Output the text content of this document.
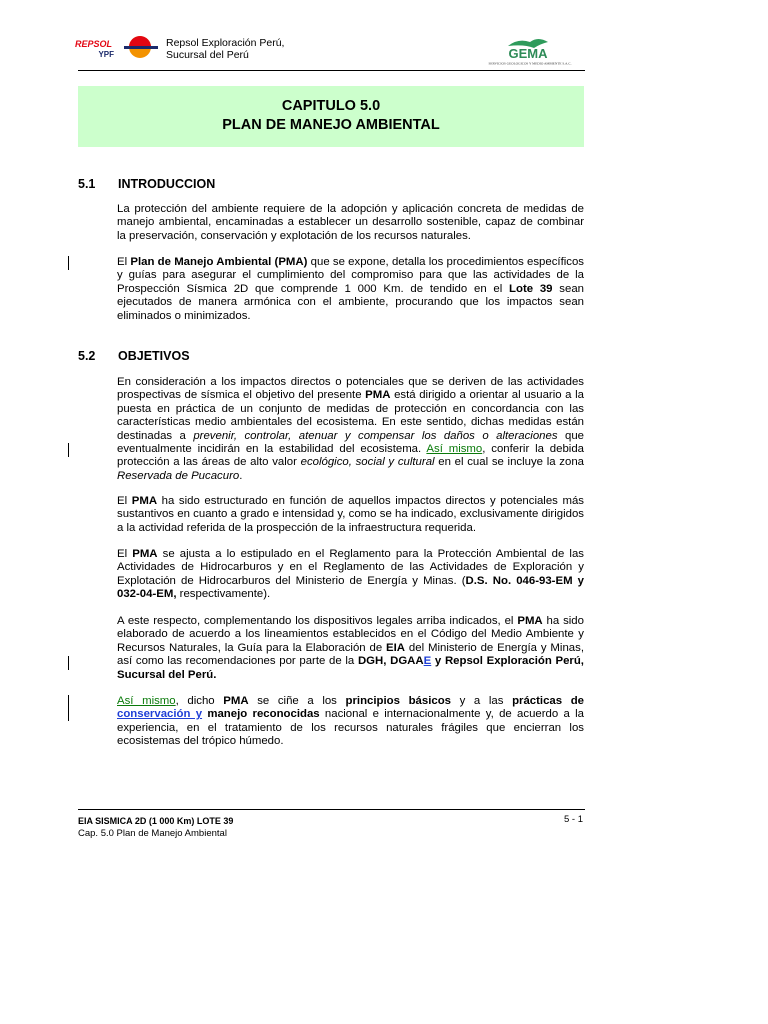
REPSOL
YPF
Repsol Exploración Perú,
Sucursal del Perú	GEMA
SERVICIOS GEOLOGICOS Y MEDIO AMBIENTE S.A.C.
CAPITULO 5.0
PLAN DE MANEJO AMBIENTAL
5.1 INTRODUCCION

La protección del ambiente requiere de la adopción y aplicación concreta de medidas de manejo ambiental, encaminadas a establecer un desarrollo sostenible, capaz de combinar la preservación, conservación y explotación de los recursos naturales.

El Plan de Manejo Ambiental (PMA) que se expone, detalla los procedimientos específicos y guías para asegurar el cumplimiento del compromiso para que las actividades de la Prospección Sísmica 2D que comprende 1 000 Km. de tendido en el Lote 39 sean ejecutados de manera armónica con el ambiente, procurando que los impactos sean eliminados o minimizados.

5.2 OBJETIVOS

En consideración a los impactos directos o potenciales que se deriven de las actividades prospectivas de sísmica el objetivo del presente PMA está dirigido a orientar al usuario a la puesta en práctica de un conjunto de medidas de protección en concordancia con las características medio ambientales del ecosistema. En este sentido, dichas medidas están destinadas a prevenir, controlar, atenuar y compensar los daños o alteraciones que eventualmente incidirán en la estabilidad del ecosistema. Así mismo, conferir la debida protección a las áreas de alto valor ecológico, social y cultural en el cual se incluye la zona Reservada de Pucacuro.

El PMA ha sido estructurado en función de aquellos impactos directos y potenciales más sustantivos en cuanto a grado e intensidad y, como se ha indicado, exclusivamente dirigidos a la actividad referida de la prospección de la infraestructura requerida.

El PMA se ajusta a lo estipulado en el Reglamento para la Protección Ambiental de las Actividades de Hidrocarburos y en el Reglamento de las Actividades de Exploración y Explotación de Hidrocarburos del Ministerio de Energía y Minas. (D.S. No. 046-93-EM y 032-04-EM, respectivamente).

A este respecto, complementando los dispositivos legales arriba indicados, el PMA ha sido elaborado de acuerdo a los lineamientos establecidos en el Código del Medio Ambiente y Recursos Naturales, la Guía para la Elaboración de EIA del Ministerio de Energía y Minas, así como las recomendaciones por parte de la DGH, DGAAE y Repsol Exploración Perú, Sucursal del Perú.

Así mismo, dicho PMA se ciñe a los principios básicos y a las prácticas de conservación y manejo reconocidas nacional e internacionalmente y, de acuerdo a la experiencia, en el tratamiento de los recursos naturales frágiles que encierran los ecosistemas del trópico húmedo.

EIA SISMICA 2D (1 000 Km) LOTE 39
Cap. 5.0 Plan de Manejo Ambiental
5 - 1
